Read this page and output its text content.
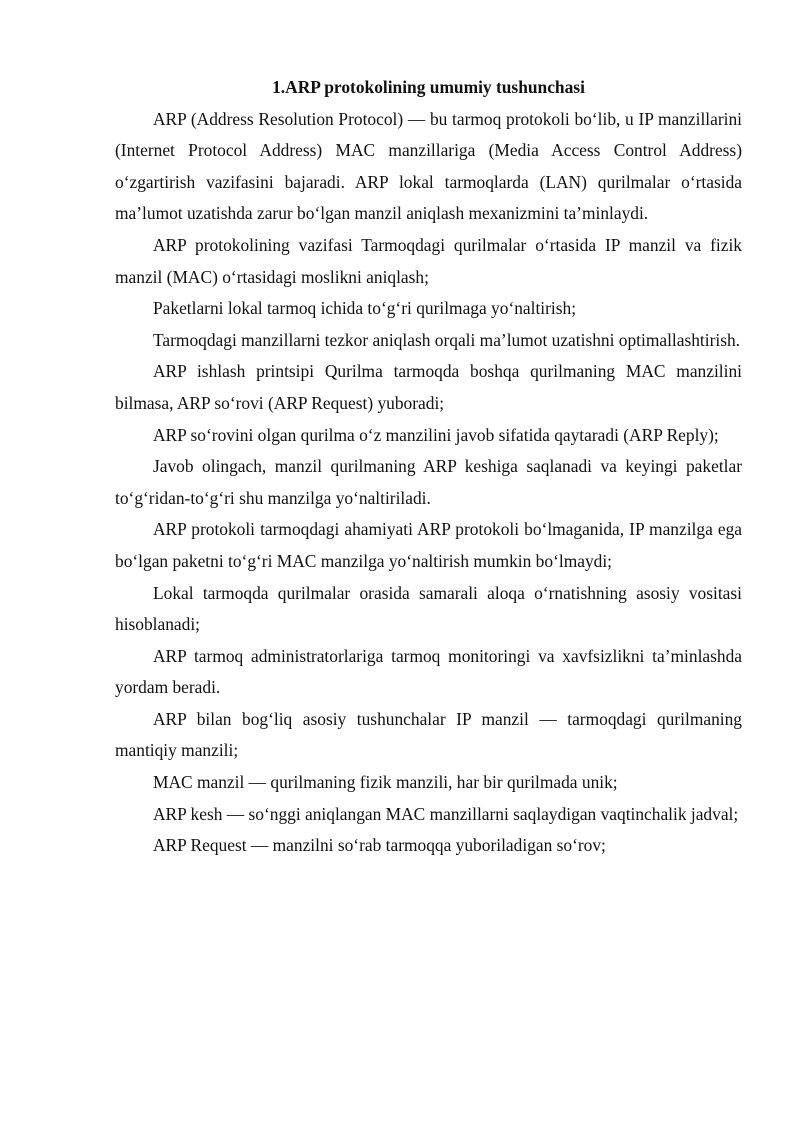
1.ARP protokolining umumiy tushunchasi

ARP (Address Resolution Protocol) — bu tarmoq protokoli bo‘lib, u IP manzillarini (Internet Protocol Address) MAC manzillariga (Media Access Control Address) o‘zgartirish vazifasini bajaradi. ARP lokal tarmoqlarda (LAN) qurilmalar o‘rtasida ma’lumot uzatishda zarur bo‘lgan manzil aniqlash mexanizmini ta’minlaydi.

ARP protokolining vazifasi Tarmoqdagi qurilmalar o‘rtasida IP manzil va fizik manzil (MAC) o‘rtasidagi moslikni aniqlash;

Paketlarni lokal tarmoq ichida to‘g‘ri qurilmaga yo‘naltirish;

Tarmoqdagi manzillarni tezkor aniqlash orqali ma’lumot uzatishni optimallashtirish.

ARP ishlash printsipi Qurilma tarmoqda boshqa qurilmaning MAC manzilini bilmasa, ARP so‘rovi (ARP Request) yuboradi;

ARP so‘rovini olgan qurilma o‘z manzilini javob sifatida qaytaradi (ARP Reply);

Javob olingach, manzil qurilmaning ARP keshiga saqlanadi va keyingi paketlar to‘g‘ridan-to‘g‘ri shu manzilga yo‘naltiriladi.

ARP protokoli tarmoqdagi ahamiyati ARP protokoli bo‘lmaganida, IP manzilga ega bo‘lgan paketni to‘g‘ri MAC manzilga yo‘naltirish mumkin bo‘lmaydi;

Lokal tarmoqda qurilmalar orasida samarali aloqa o‘rnatishning asosiy vositasi hisoblanadi;

ARP tarmoq administratorlariga tarmoq monitoringi va xavfsizlikni ta’minlashda yordam beradi.

ARP bilan bog‘liq asosiy tushunchalar IP manzil — tarmoqdagi qurilmaning mantiqiy manzili;

MAC manzil — qurilmaning fizik manzili, har bir qurilmada unik;

ARP kesh — so‘nggi aniqlangan MAC manzillarni saqlaydigan vaqtinchalik jadval;

ARP Request — manzilni so‘rab tarmoqqa yuboriladigan so‘rov;
